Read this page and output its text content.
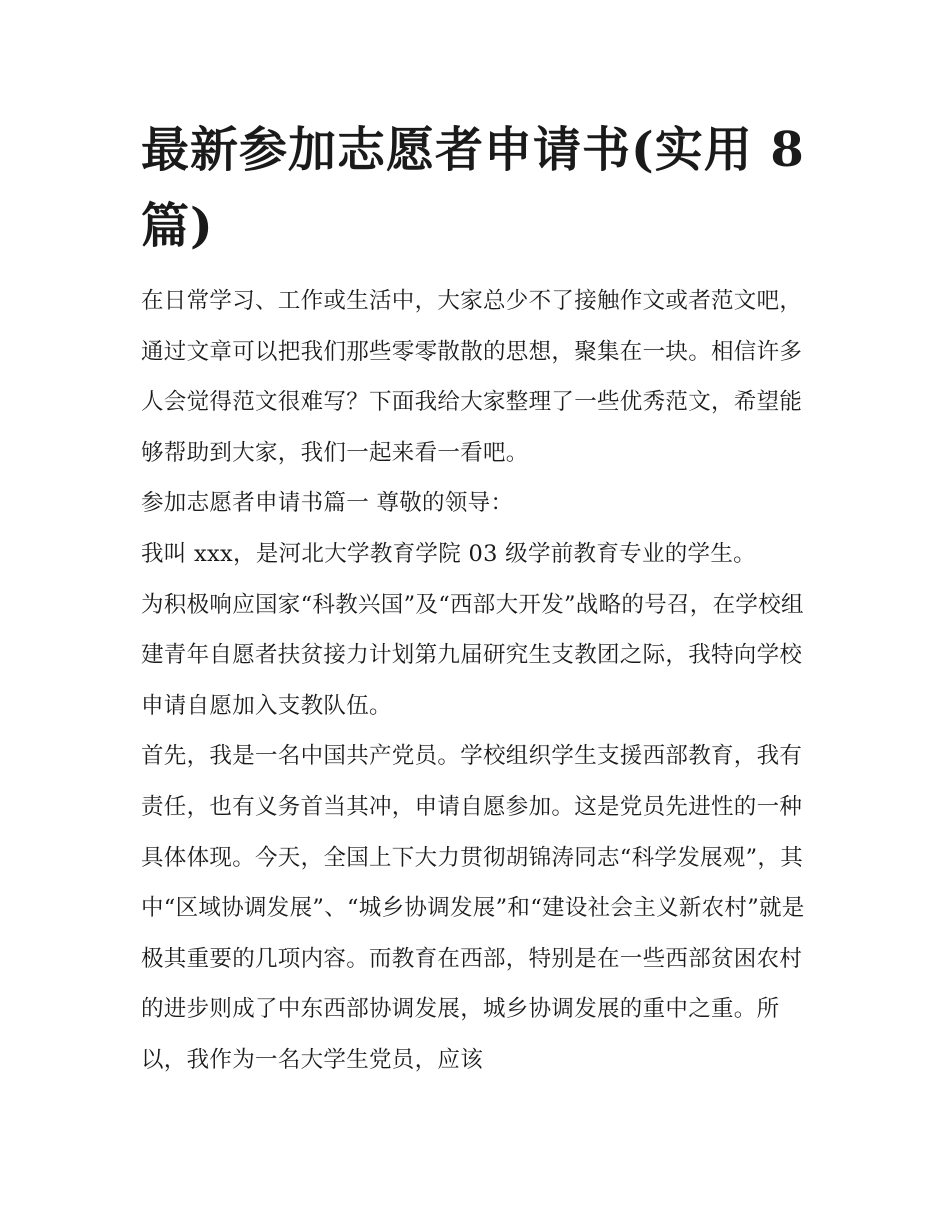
最新参加志愿者申请书(实用 8 篇)

在日常学习、工作或生活中，大家总少不了接触作文或者范文吧，通过文章可以把我们那些零零散散的思想，聚集在一块。相信许多人会觉得范文很难写？下面我给大家整理了一些优秀范文，希望能够帮助到大家，我们一起来看一看吧。

参加志愿者申请书篇一 尊敬的领导：

我叫 xxx，是河北大学教育学院 03 级学前教育专业的学生。

为积极响应国家“科教兴国”及“西部大开发”战略的号召，在学校组建青年自愿者扶贫接力计划第九届研究生支教团之际，我特向学校申请自愿加入支教队伍。

首先，我是一名中国共产党员。学校组织学生支援西部教育，我有责任，也有义务首当其冲，申请自愿参加。这是党员先进性的一种具体体现。今天，全国上下大力贯彻胡锦涛同志“科学发展观”，其中“区域协调发展”、“城乡协调发展”和“建设社会主义新农村”就是极其重要的几项内容。而教育在西部，特别是在一些西部贫困农村的进步则成了中东西部协调发展，城乡协调发展的重中之重。所以，我作为一名大学生党员，应该
